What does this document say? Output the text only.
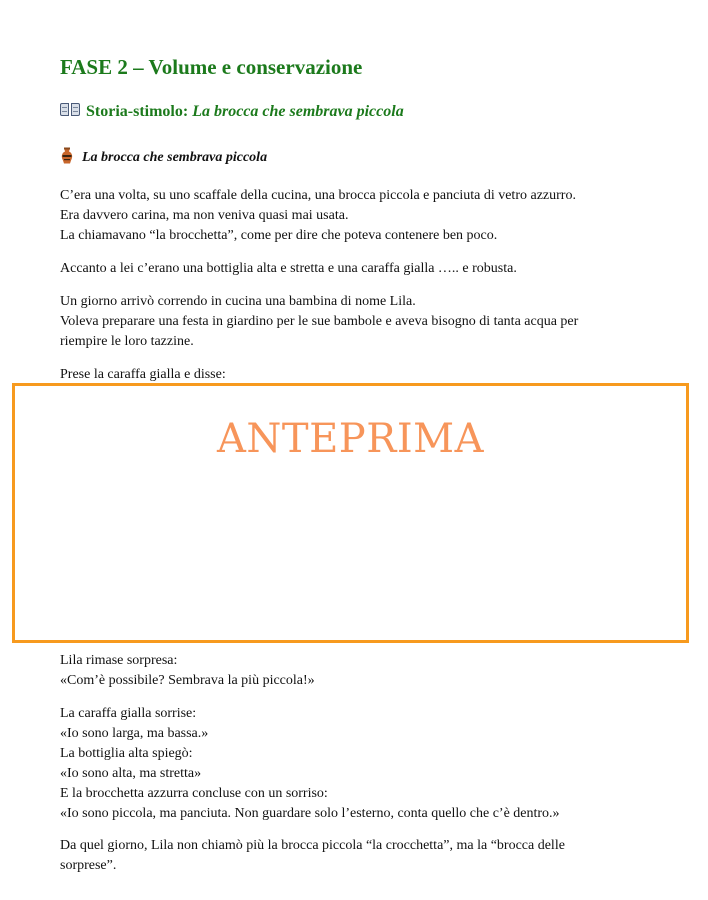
FASE 2 – Volume e conservazione
Storia-stimolo: La brocca che sembrava piccola
La brocca che sembrava piccola
C’era una volta, su uno scaffale della cucina, una brocca piccola e panciuta di vetro azzurro.
Era davvero carina, ma non veniva quasi mai usata.
La chiamavano “la brocchetta”, come per dire che poteva contenere ben poco.
Accanto a lei c’erano una bottiglia alta e stretta e una caraffa gialla ….. e robusta.
Un giorno arrivò correndo in cucina una bambina di nome Lila.
Voleva preparare una festa in giardino per le sue bambole e aveva bisogno di tanta acqua per
riempire le loro tazzine.
Prese la caraffa gialla e disse:
ANTEPRIMA
Lila rimase sorpresa:
«Com’è possibile? Sembrava la più piccola!»
La caraffa gialla sorrise:
«Io sono larga, ma bassa.»
La bottiglia alta spiegò:
«Io sono alta, ma stretta»
E la brocchetta azzurra concluse con un sorriso:
«Io sono piccola, ma panciuta. Non guardare solo l’esterno, conta quello che c’è dentro.»
Da quel giorno, Lila non chiamò più la brocca piccola “la crocchetta”, ma la “brocca delle
sorprese”.
